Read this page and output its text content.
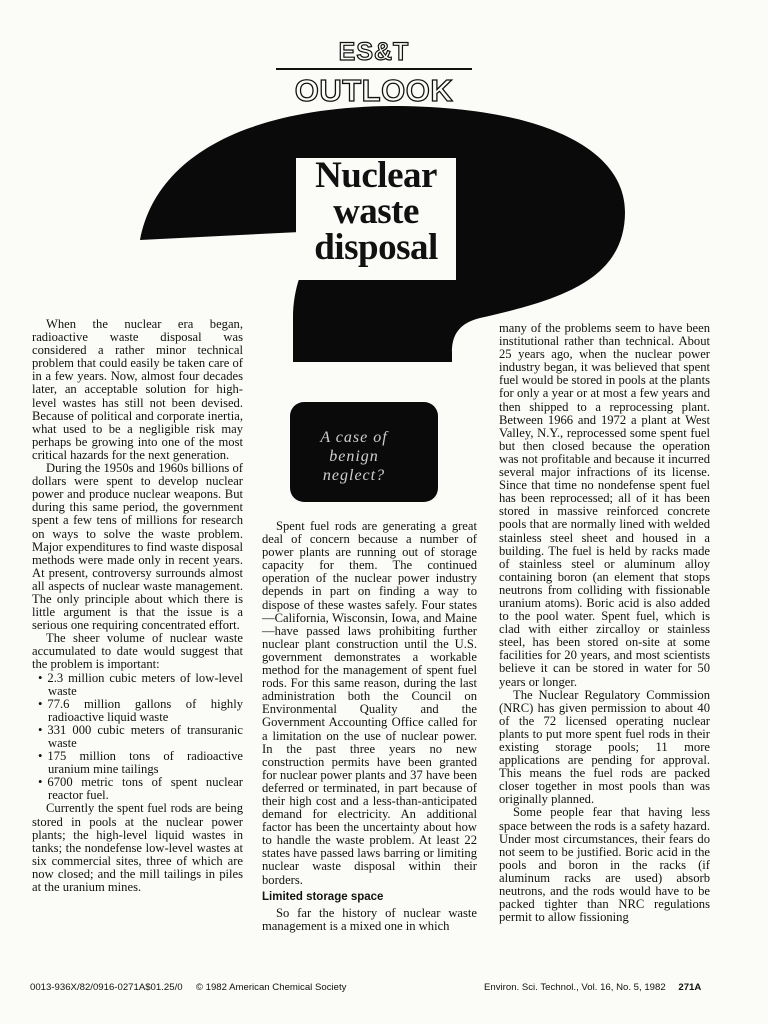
ES&T
OUTLOOK
Nuclear
waste
disposal
A case of benign neglect?

When the nuclear era began, radioactive waste disposal was considered a rather minor technical problem that could easily be taken care of in a few years. Now, almost four decades later, an acceptable solution for high-level wastes has still not been devised. Because of political and corporate inertia, what used to be a negligible risk may perhaps be growing into one of the most critical hazards for the next generation.

During the 1950s and 1960s billions of dollars were spent to develop nuclear power and produce nuclear weapons. But during this same period, the government spent a few tens of millions for research on ways to solve the waste problem. Major expenditures to find waste disposal methods were made only in recent years. At present, controversy surrounds almost all aspects of nuclear waste management. The only principle about which there is little argument is that the issue is a serious one requiring concentrated effort.

The sheer volume of nuclear waste accumulated to date would suggest that the problem is important:

• 2.3 million cubic meters of low-level waste

• 77.6 million gallons of highly radioactive liquid waste

• 331 000 cubic meters of transuranic waste

• 175 million tons of radioactive uranium mine tailings

• 6700 metric tons of spent nuclear reactor fuel.

Currently the spent fuel rods are being stored in pools at the nuclear power plants; the high-level liquid wastes in tanks; the nondefense low-level wastes at six commercial sites, three of which are now closed; and the mill tailings in piles at the uranium mines.

Spent fuel rods are generating a great deal of concern because a number of power plants are running out of storage capacity for them. The continued operation of the nuclear power industry depends in part on finding a way to dispose of these wastes safely. Four states—California, Wisconsin, Iowa, and Maine—have passed laws prohibiting further nuclear plant construction until the U.S. government demonstrates a workable method for the management of spent fuel rods. For this same reason, during the last administration both the Council on Environmental Quality and the Government Accounting Office called for a limitation on the use of nuclear power. In the past three years no new construction permits have been granted for nuclear power plants and 37 have been deferred or terminated, in part because of their high cost and a less-than-anticipated demand for electricity. An additional factor has been the uncertainty about how to handle the waste problem. At least 22 states have passed laws barring or limiting nuclear waste disposal within their borders.

Limited storage space

So far the history of nuclear waste management is a mixed one in which

many of the problems seem to have been institutional rather than technical. About 25 years ago, when the nuclear power industry began, it was believed that spent fuel would be stored in pools at the plants for only a year or at most a few years and then shipped to a reprocessing plant. Between 1966 and 1972 a plant at West Valley, N.Y., reprocessed some spent fuel but then closed because the operation was not profitable and because it incurred several major infractions of its license. Since that time no nondefense spent fuel has been reprocessed; all of it has been stored in massive reinforced concrete pools that are normally lined with welded stainless steel sheet and housed in a building. The fuel is held by racks made of stainless steel or aluminum alloy containing boron (an element that stops neutrons from colliding with fissionable uranium atoms). Boric acid is also added to the pool water. Spent fuel, which is clad with either zircalloy or stainless steel, has been stored on-site at some facilities for 20 years, and most scientists believe it can be stored in water for 50 years or longer.

The Nuclear Regulatory Commission (NRC) has given permission to about 40 of the 72 licensed operating nuclear plants to put more spent fuel rods in their existing storage pools; 11 more applications are pending for approval. This means the fuel rods are packed closer together in most pools than was originally planned.

Some people fear that having less space between the rods is a safety hazard. Under most circumstances, their fears do not seem to be justified. Boric acid in the pools and boron in the racks (if aluminum racks are used) absorb neutrons, and the rods would have to be packed tighter than NRC regulations permit to allow fissioning

0013-936X/82/0916-0271A$01.25/0 © 1982 American Chemical Society	Environ. Sci. Technol., Vol. 16, No. 5, 1982 271A
